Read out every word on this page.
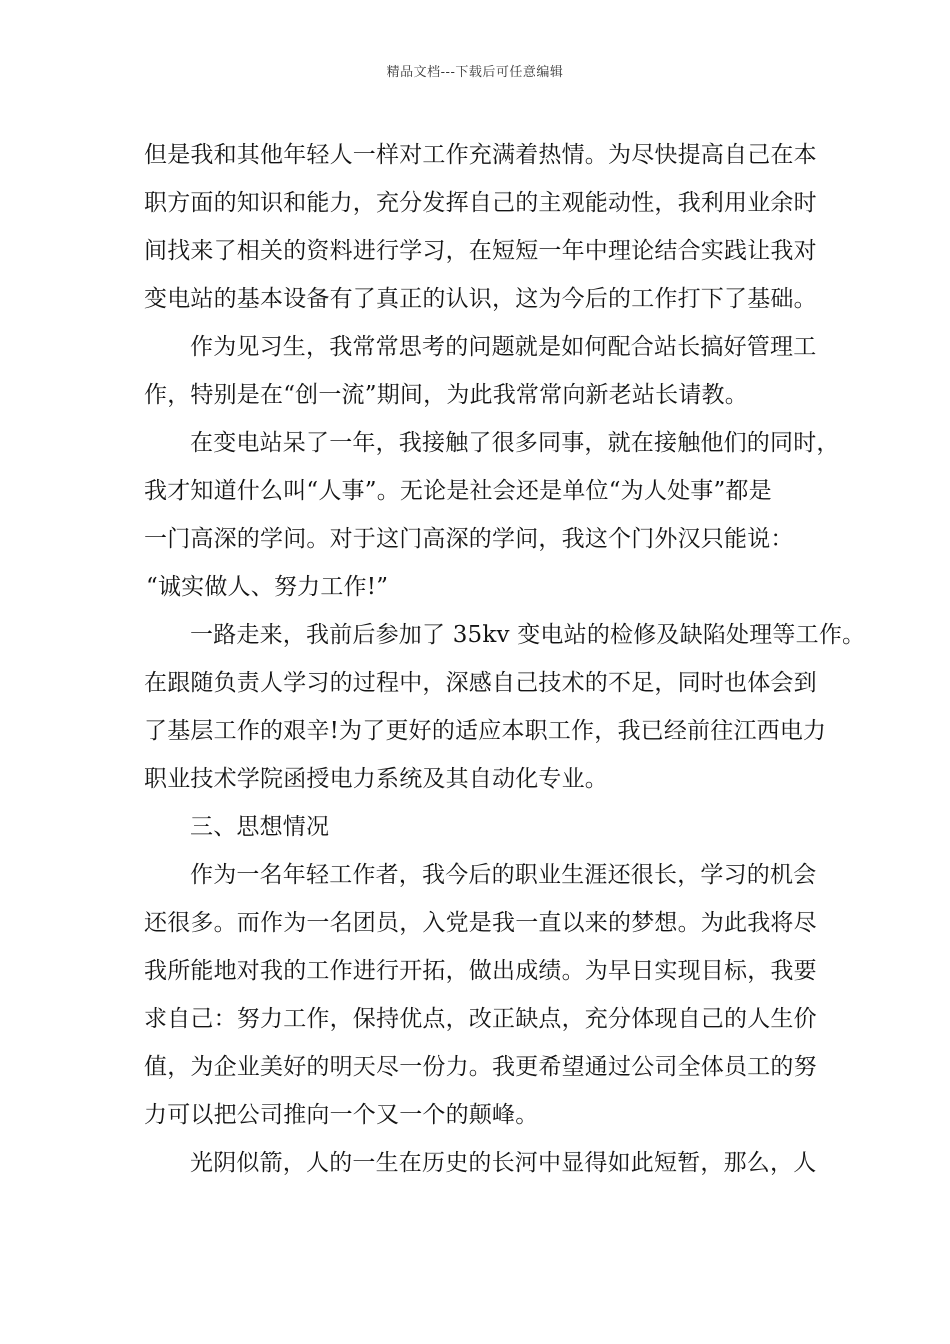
精品文档---下载后可任意编辑
但是我和其他年轻人一样对工作充满着热情。为尽快提高自己在本
职方面的知识和能力，充分发挥自己的主观能动性，我利用业余时
间找来了相关的资料进行学习，在短短一年中理论结合实践让我对
变电站的基本设备有了真正的认识，这为今后的工作打下了基础。
作为见习生，我常常思考的问题就是如何配合站长搞好管理工
作，特别是在“创一流”期间，为此我常常向新老站长请教。
在变电站呆了一年，我接触了很多同事，就在接触他们的同时，
我才知道什么叫“人事”。无论是社会还是单位“为人处事”都是
一门高深的学问。对于这门高深的学问，我这个门外汉只能说：
“诚实做人、努力工作!”
一路走来，我前后参加了 35kv 变电站的检修及缺陷处理等工作。
在跟随负责人学习的过程中，深感自己技术的不足，同时也体会到
了基层工作的艰辛!为了更好的适应本职工作，我已经前往江西电力
职业技术学院函授电力系统及其自动化专业。
三、思想情况
作为一名年轻工作者，我今后的职业生涯还很长，学习的机会
还很多。而作为一名团员，入党是我一直以来的梦想。为此我将尽
我所能地对我的工作进行开拓，做出成绩。为早日实现目标，我要
求自己：努力工作，保持优点，改正缺点，充分体现自己的人生价
值，为企业美好的明天尽一份力。我更希望通过公司全体员工的努
力可以把公司推向一个又一个的颠峰。
光阴似箭，人的一生在历史的长河中显得如此短暂，那么，人
